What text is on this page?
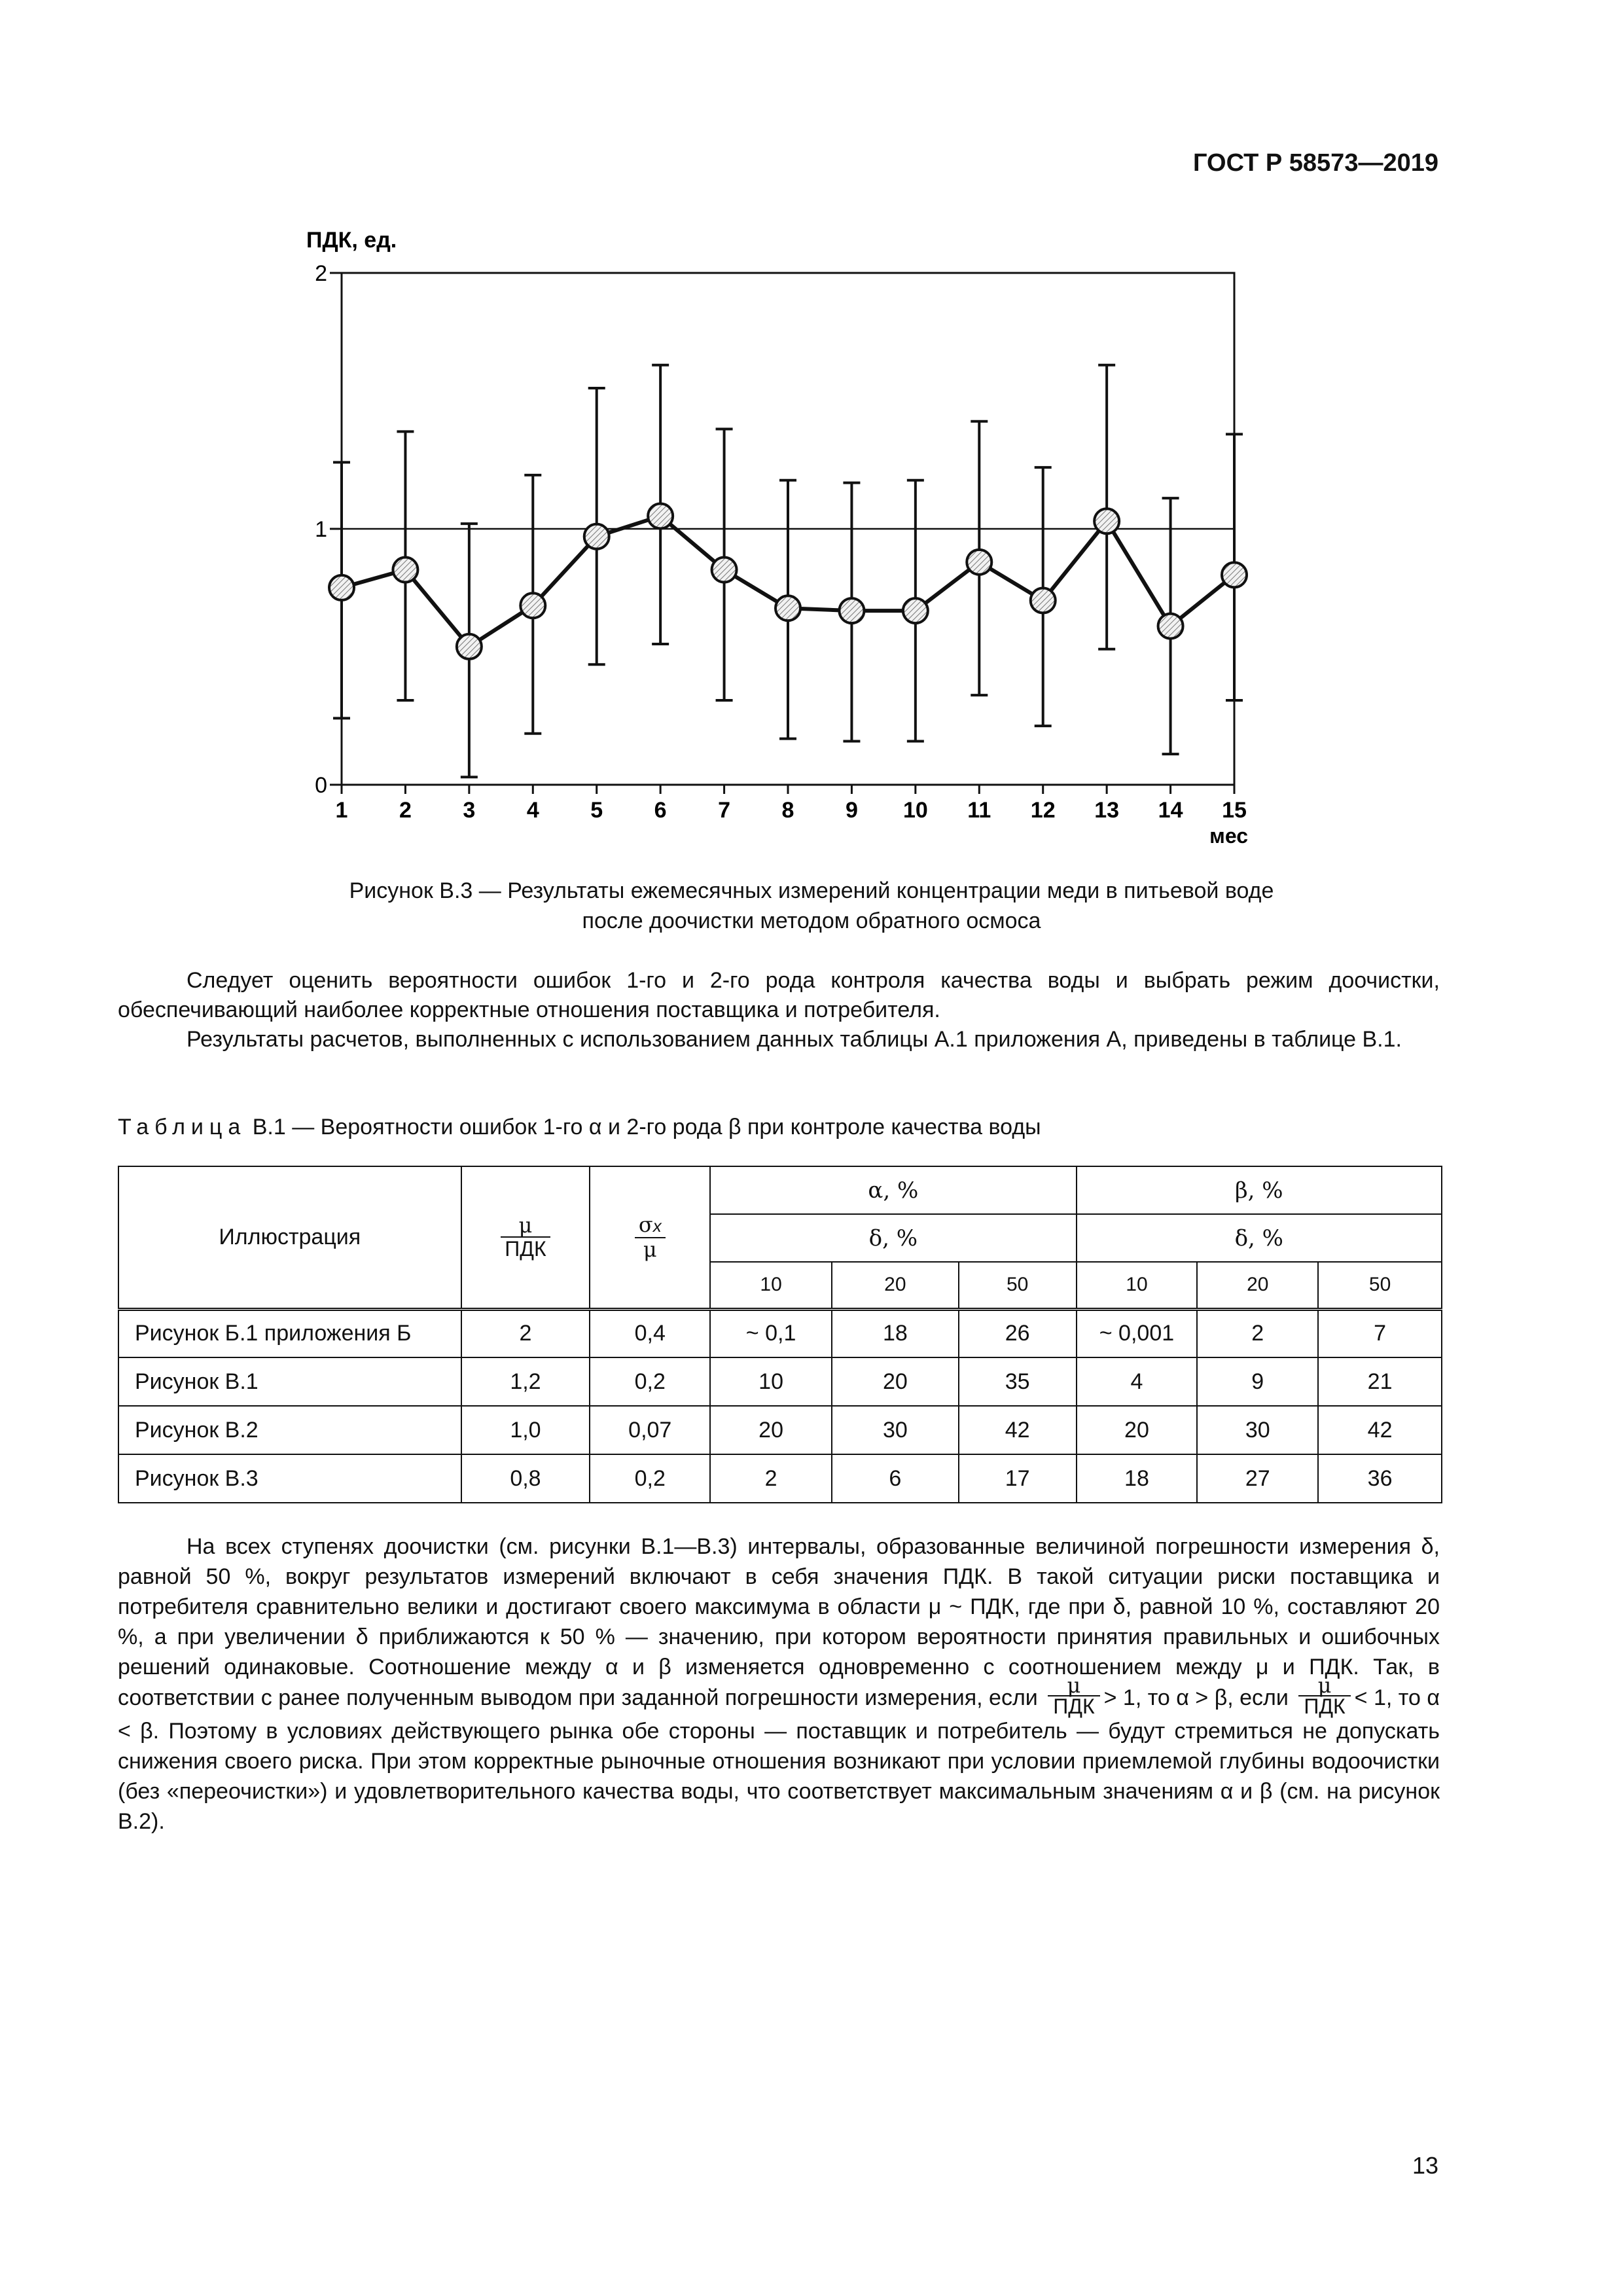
ГОСТ Р 58573—2019
ПДК, ед.
мес
0
1
2
1 2 3 4 5 6 7 8 9 10 11 12 13 14 15
Рисунок В.3 — Результаты ежемесячных измерений концентрации меди в питьевой воде
после доочистки методом обратного осмоса
Следует оценить вероятности ошибок 1-го и 2-го рода контроля качества воды и выбрать режим доочистки, обеспечивающий наиболее корректные отношения поставщика и потребителя.
Результаты расчетов, выполненных с использованием данных таблицы А.1 приложения А, приведены в таблице В.1.
Таблица В.1 — Вероятности ошибок 1-го α и 2-го рода β при контроле качества воды
Иллюстрация	$\frac{\mu}{\text{ПДК}}$	$\frac{\sigma x}{\mu}$	α, %			β, %		
			δ, %			δ, %		
			10	20	50	10	20	50
Рисунок Б.1 приложения Б	2	0,4	~ 0,1	18	26	~ 0,001	2	7
Рисунок В.1	1,2	0,2	10	20	35	4	9	21
Рисунок В.2	1,0	0,07	20	30	42	20	30	42
Рисунок В.3	0,8	0,2	2	6	17	18	27	36
На всех ступенях доочистки (см. рисунки В.1—В.3) интервалы, образованные величиной погрешности измерения δ, равной 50 %, вокруг результатов измерений включают в себя значения ПДК. В такой ситуации риски поставщика и потребителя сравнительно велики и достигают своего максимума в области μ ~ ПДК, где при δ, равной 10 %, составляют 20 %, а при увеличении δ приближаются к 50 % — значению, при котором вероятности принятия правильных и ошибочных решений одинаковые. Соотношение между α и β изменяется одновременно с соотношением между μ и ПДК. Так, в соответствии с ранее полученным выводом при заданной погрешности измерения, если $\frac{\mu}{\text{ПДК}} > 1$, то α > β, если $\frac{\mu}{\text{ПДК}} < 1$, то α < β. Поэтому в условиях действующего рынка обе стороны — поставщик и потребитель — будут стремиться не допускать снижения своего риска. При этом корректные рыночные отношения возникают при условии приемлемой глубины водоочистки (без «переочистки») и удовлетворительного качества воды, что соответствует максимальным значениям α и β (см. на рисунок В.2).
13
